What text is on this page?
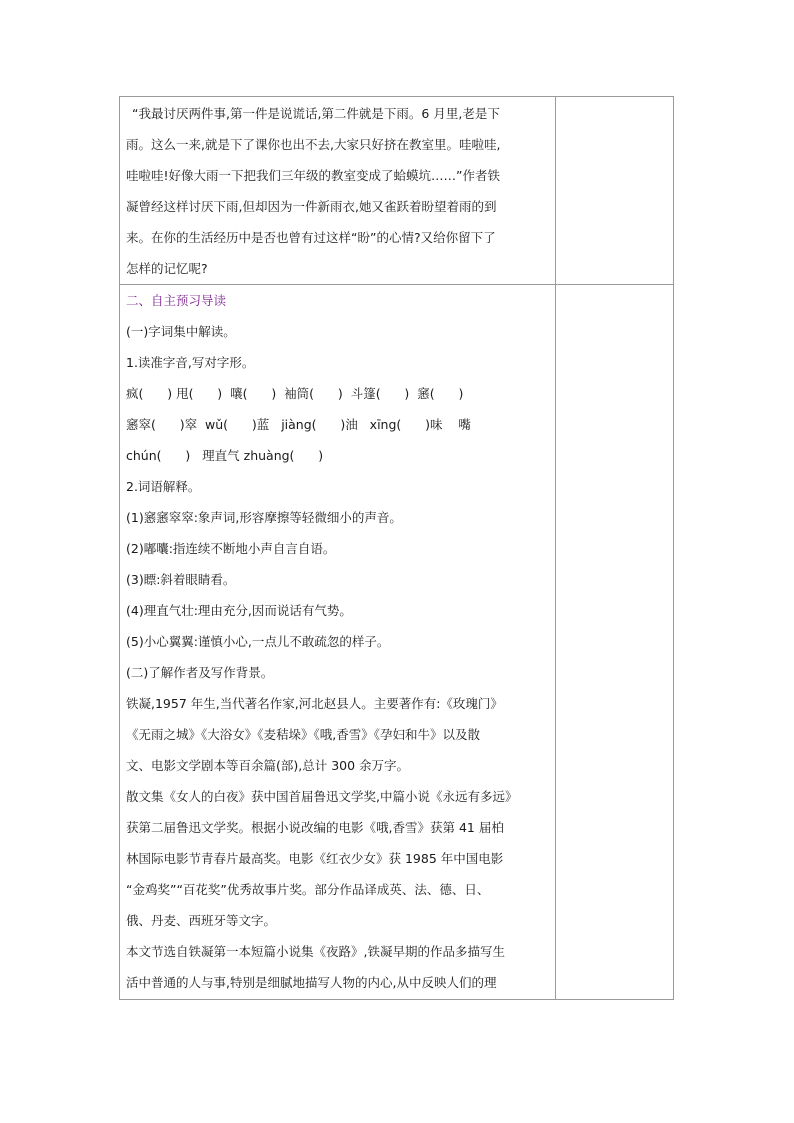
“我最讨厌两件事,第一件是说谎话,第二件就是下雨。6 月里,老是下

雨。这么一来,就是下了课你也出不去,大家只好挤在教室里。哇啦哇,

哇啦哇!好像大雨一下把我们三年级的教室变成了蛤蟆坑……”作者铁

凝曾经这样讨厌下雨,但却因为一件新雨衣,她又雀跃着盼望着雨的到

来。在你的生活经历中是否也曾有过这样“盼”的心情?又给你留下了

怎样的记忆呢?

二、自主预习导读

(一)字词集中解读。

1.读准字音,写对字形。

疯(      ) 甩(      )  嚷(      )  袖筒(      )  斗篷(      )  窸(      )

窸窣(      )窣  wǔ(      )蓝   jiàng(      )油   xīng(      )味    嘴

chún(      )   理直气 zhuàng(      )

2.词语解释。

(1)窸窸窣窣:象声词,形容摩擦等轻微细小的声音。

(2)嘟囔:指连续不断地小声自言自语。

(3)瞟:斜着眼睛看。

(4)理直气壮:理由充分,因而说话有气势。

(5)小心翼翼:谨慎小心,一点儿不敢疏忽的样子。

(二)了解作者及写作背景。

铁凝,1957 年生,当代著名作家,河北赵县人。主要著作有:《玫瑰门》

《无雨之城》《大浴女》《麦秸垛》《哦,香雪》《孕妇和牛》以及散

文、电影文学剧本等百余篇(部),总计 300 余万字。

散文集《女人的白夜》获中国首届鲁迅文学奖,中篇小说《永远有多远》

获第二届鲁迅文学奖。根据小说改编的电影《哦,香雪》获第 41 届柏

林国际电影节青春片最高奖。电影《红衣少女》获 1985 年中国电影

“金鸡奖”“百花奖”优秀故事片奖。部分作品译成英、法、德、日、

俄、丹麦、西班牙等文字。

本文节选自铁凝第一本短篇小说集《夜路》,铁凝早期的作品多描写生

活中普通的人与事,特别是细腻地描写人物的内心,从中反映人们的理
